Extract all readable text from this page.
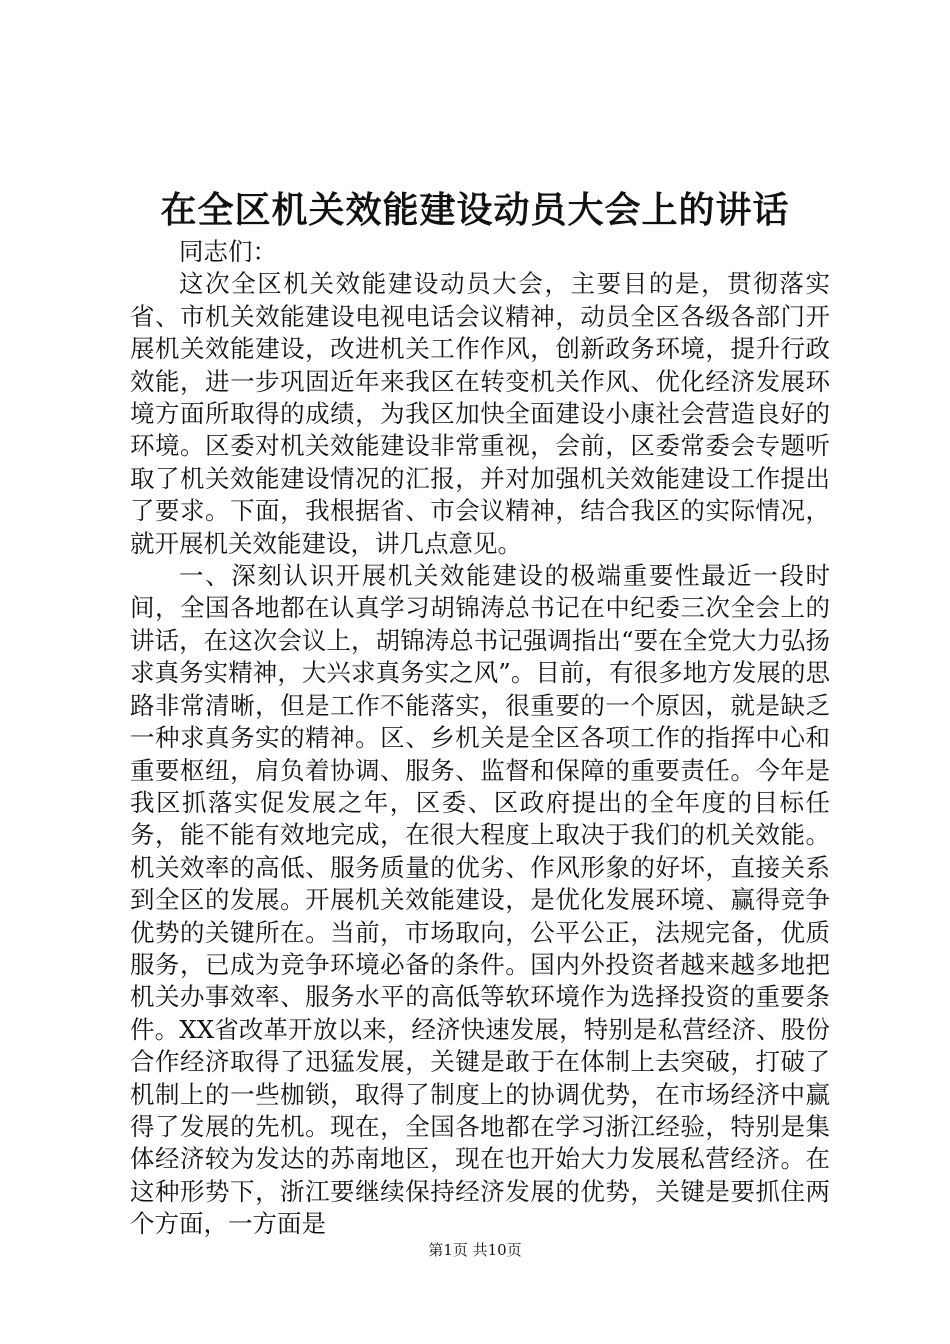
在全区机关效能建设动员大会上的讲话

同志们：

这次全区机关效能建设动员大会，主要目的是，贯彻落实省、市机关效能建设电视电话会议精神，动员全区各级各部门开展机关效能建设，改进机关工作作风，创新政务环境，提升行政效能，进一步巩固近年来我区在转变机关作风、优化经济发展环境方面所取得的成绩，为我区加快全面建设小康社会营造良好的环境。区委对机关效能建设非常重视，会前，区委常委会专题听取了机关效能建设情况的汇报，并对加强机关效能建设工作提出了要求。下面，我根据省、市会议精神，结合我区的实际情况，就开展机关效能建设，讲几点意见。

一、深刻认识开展机关效能建设的极端重要性最近一段时间，全国各地都在认真学习胡锦涛总书记在中纪委三次全会上的讲话，在这次会议上，胡锦涛总书记强调指出“要在全党大力弘扬求真务实精神，大兴求真务实之风”。目前，有很多地方发展的思路非常清晰，但是工作不能落实，很重要的一个原因，就是缺乏一种求真务实的精神。区、乡机关是全区各项工作的指挥中心和重要枢纽，肩负着协调、服务、监督和保障的重要责任。今年是我区抓落实促发展之年，区委、区政府提出的全年度的目标任务，能不能有效地完成，在很大程度上取决于我们的机关效能。机关效率的高低、服务质量的优劣、作风形象的好坏，直接关系到全区的发展。开展机关效能建设，是优化发展环境、赢得竞争优势的关键所在。当前，市场取向，公平公正，法规完备，优质服务，已成为竞争环境必备的条件。国内外投资者越来越多地把机关办事效率、服务水平的高低等软环境作为选择投资的重要条件。XX省改革开放以来，经济快速发展，特别是私营经济、股份合作经济取得了迅猛发展，关键是敢于在体制上去突破，打破了机制上的一些枷锁，取得了制度上的协调优势，在市场经济中赢得了发展的先机。现在，全国各地都在学习浙江经验，特别是集体经济较为发达的苏南地区，现在也开始大力发展私营经济。在这种形势下，浙江要继续保持经济发展的优势，关键是要抓住两个方面，一方面是

第1页 共10页
